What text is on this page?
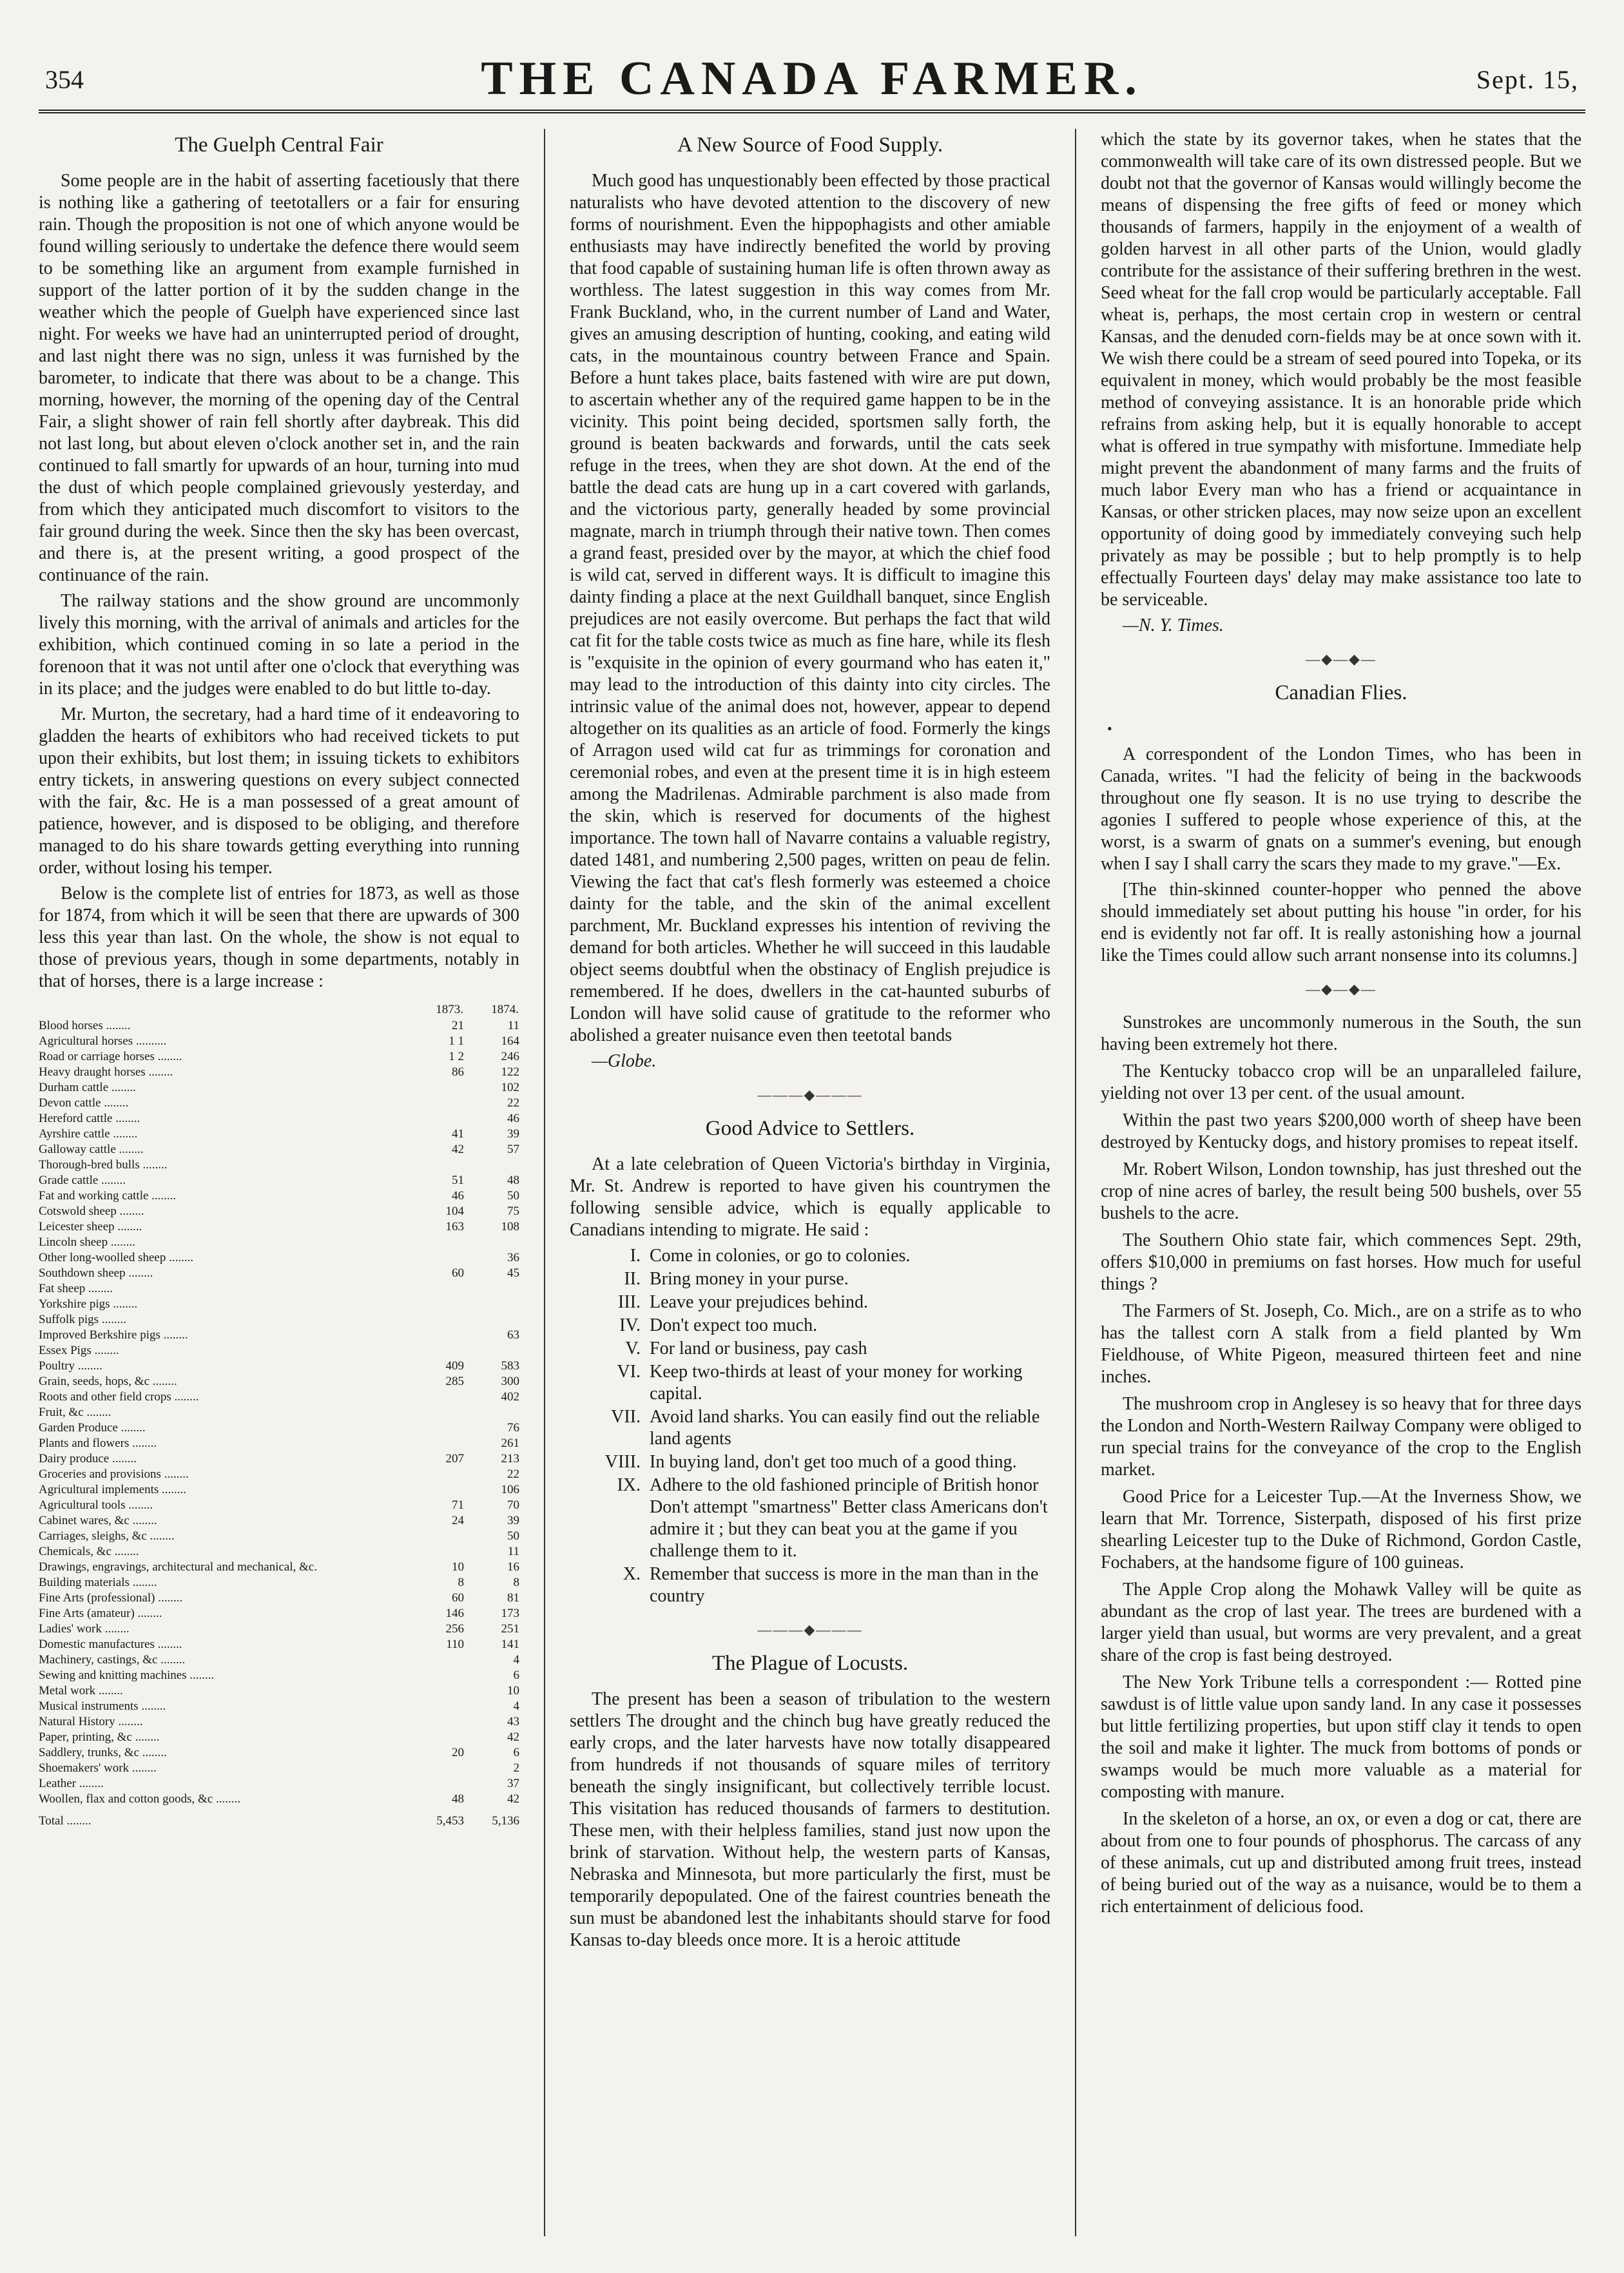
354	THE CANADA FARMER.	Sept. 15,
The Guelph Central Fair

Some people are in the habit of asserting facetiously that there is nothing like a gathering of teetotallers or a fair for ensuring rain. Though the proposition is not one of which anyone would be found willing seriously to undertake the defence there would seem to be something like an argument from example furnished in support of the latter portion of it by the sudden change in the weather which the people of Guelph have experienced since last night. For weeks we have had an uninterrupted period of drought, and last night there was no sign, unless it was furnished by the barometer, to indicate that there was about to be a change. This morning, however, the morning of the opening day of the Central Fair, a slight shower of rain fell shortly after daybreak. This did not last long, but about eleven o'clock another set in, and the rain continued to fall smartly for upwards of an hour, turning into mud the dust of which people complained grievously yesterday, and from which they anticipated much discomfort to visitors to the fair ground during the week. Since then the sky has been overcast, and there is, at the present writing, a good prospect of the continuance of the rain.

The railway stations and the show ground are uncommonly lively this morning, with the arrival of animals and articles for the exhibition, which continued coming in so late a period in the forenoon that it was not until after one o'clock that everything was in its place; and the judges were enabled to do but little to-day.

Mr. Murton, the secretary, had a hard time of it endeavoring to gladden the hearts of exhibitors who had received tickets to put upon their exhibits, but lost them; in issuing tickets to exhibitors entry tickets, in answering questions on every subject connected with the fair, &c. He is a man possessed of a great amount of patience, however, and is disposed to be obliging, and therefore managed to do his share towards getting everything into running order, without losing his temper.

Below is the complete list of entries for 1873, as well as those for 1874, from which it will be seen that there are upwards of 300 less this year than last. On the whole, the show is not equal to those of previous years, though in some departments, notably in that of horses, there is a large increase :

	1873.	1874.
Blood horses ........	21	11
Agricultural horses ..........	1 1	164
Road or carriage horses ........	1 2	246
Heavy draught horses ........	86	122
Durham cattle ........		102
Devon cattle ........		22
Hereford cattle ........		46
Ayrshire cattle ........	41	39
Galloway cattle ........	42	57
Thorough-bred bulls ........		
Grade cattle ........	51	48
Fat and working cattle ........	46	50
Cotswold sheep ........	104	75
Leicester sheep ........	163	108
Lincoln sheep ........		
Other long-woolled sheep ........		36
Southdown sheep ........	60	45
Fat sheep ........		
Yorkshire pigs ........		
Suffolk pigs ........		
Improved Berkshire pigs ........		63
Essex Pigs ........		
Poultry ........	409	583
Grain, seeds, hops, &c ........	285	300
Roots and other field crops ........		402
Fruit, &c ........		
Garden Produce ........		76
Plants and flowers ........		261
Dairy produce ........	207	213
Groceries and provisions ........		22
Agricultural implements ........		106
Agricultural tools ........	71	70
Cabinet wares, &c ........	24	39
Carriages, sleighs, &c ........		50
Chemicals, &c ........		11
Drawings, engravings, architectural and mechanical, &c.	10	16
Building materials ........	8	8
Fine Arts (professional) ........	60	81
Fine Arts (amateur) ........	146	173
Ladies' work ........	256	251
Domestic manufactures ........	110	141
Machinery, castings, &c ........		4
Sewing and knitting machines ........		6
Metal work ........		10
Musical instruments ........		4
Natural History ........		43
Paper, printing, &c ........		42
Saddlery, trunks, &c ........	20	6
Shoemakers' work ........		2
Leather ........		37
Woollen, flax and cotton goods, &c ........	48	42
Total ........	5,453	5,136
A New Source of Food Supply.

Much good has unquestionably been effected by those practical naturalists who have devoted attention to the discovery of new forms of nourishment. Even the hippophagists and other amiable enthusiasts may have indirectly benefited the world by proving that food capable of sustaining human life is often thrown away as worthless. The latest suggestion in this way comes from Mr. Frank Buckland, who, in the current number of Land and Water, gives an amusing description of hunting, cooking, and eating wild cats, in the mountainous country between France and Spain. Before a hunt takes place, baits fastened with wire are put down, to ascertain whether any of the required game happen to be in the vicinity. This point being decided, sportsmen sally forth, the ground is beaten backwards and forwards, until the cats seek refuge in the trees, when they are shot down. At the end of the battle the dead cats are hung up in a cart covered with garlands, and the victorious party, generally headed by some provincial magnate, march in triumph through their native town. Then comes a grand feast, presided over by the mayor, at which the chief food is wild cat, served in different ways. It is difficult to imagine this dainty finding a place at the next Guildhall banquet, since English prejudices are not easily overcome. But perhaps the fact that wild cat fit for the table costs twice as much as fine hare, while its flesh is "exquisite in the opinion of every gourmand who has eaten it," may lead to the introduction of this dainty into city circles. The intrinsic value of the animal does not, however, appear to depend altogether on its qualities as an article of food. Formerly the kings of Arragon used wild cat fur as trimmings for coronation and ceremonial robes, and even at the present time it is in high esteem among the Madrilenas. Admirable parchment is also made from the skin, which is reserved for documents of the highest importance. The town hall of Navarre contains a valuable registry, dated 1481, and numbering 2,500 pages, written on peau de felin. Viewing the fact that cat's flesh formerly was esteemed a choice dainty for the table, and the skin of the animal excellent parchment, Mr. Buckland expresses his intention of reviving the demand for both articles. Whether he will succeed in this laudable object seems doubtful when the obstinacy of English prejudice is remembered. If he does, dwellers in the cat-haunted suburbs of London will have solid cause of gratitude to the reformer who abolished a greater nuisance even then teetotal bands

—Globe.

———◆———
Good Advice to Settlers.

At a late celebration of Queen Victoria's birthday in Virginia, Mr. St. Andrew is reported to have given his countrymen the following sensible advice, which is equally applicable to Canadians intending to migrate. He said :

I. Come in colonies, or go to colonies.
II. Bring money in your purse.
III. Leave your prejudices behind.
IV. Don't expect too much.
V. For land or business, pay cash
VI. Keep two-thirds at least of your money for working capital.
VII. Avoid land sharks. You can easily find out the reliable land agents
VIII. In buying land, don't get too much of a good thing.
IX. Adhere to the old fashioned principle of British honor Don't attempt "smartness" Better class Americans don't admire it ; but they can beat you at the game if you challenge them to it.
X. Remember that success is more in the man than in the country
———◆———
The Plague of Locusts.

The present has been a season of tribulation to the western settlers The drought and the chinch bug have greatly reduced the early crops, and the later harvests have now totally disappeared from hundreds if not thousands of square miles of territory beneath the singly insignificant, but collectively terrible locust. This visitation has reduced thousands of farmers to destitution. These men, with their helpless families, stand just now upon the brink of starvation. Without help, the western parts of Kansas, Nebraska and Minnesota, but more particularly the first, must be temporarily depopulated. One of the fairest countries beneath the sun must be abandoned lest the inhabitants should starve for food Kansas to-day bleeds once more. It is a heroic attitude

which the state by its governor takes, when he states that the commonwealth will take care of its own distressed people. But we doubt not that the governor of Kansas would willingly become the means of dispensing the free gifts of feed or money which thousands of farmers, happily in the enjoyment of a wealth of golden harvest in all other parts of the Union, would gladly contribute for the assistance of their suffering brethren in the west. Seed wheat for the fall crop would be particularly acceptable. Fall wheat is, perhaps, the most certain crop in western or central Kansas, and the denuded corn-fields may be at once sown with it. We wish there could be a stream of seed poured into Topeka, or its equivalent in money, which would probably be the most feasible method of conveying assistance. It is an honorable pride which refrains from asking help, but it is equally honorable to accept what is offered in true sympathy with misfortune. Immediate help might prevent the abandonment of many farms and the fruits of much labor Every man who has a friend or acquaintance in Kansas, or other stricken places, may now seize upon an excellent opportunity of doing good by immediately conveying such help privately as may be possible ; but to help promptly is to help effectually Fourteen days' delay may make assistance too late to be serviceable.

—N. Y. Times.

—◆—◆—
Canadian Flies.
•

A correspondent of the London Times, who has been in Canada, writes. "I had the felicity of being in the backwoods throughout one fly season. It is no use trying to describe the agonies I suffered to people whose experience of this, at the worst, is a swarm of gnats on a summer's evening, but enough when I say I shall carry the scars they made to my grave."—Ex.

[The thin-skinned counter-hopper who penned the above should immediately set about putting his house "in order, for his end is evidently not far off. It is really astonishing how a journal like the Times could allow such arrant nonsense into its columns.]

—◆—◆—

Sunstrokes are uncommonly numerous in the South, the sun having been extremely hot there.

The Kentucky tobacco crop will be an unparalleled failure, yielding not over 13 per cent. of the usual amount.

Within the past two years $200,000 worth of sheep have been destroyed by Kentucky dogs, and history promises to repeat itself.

Mr. Robert Wilson, London township, has just threshed out the crop of nine acres of barley, the result being 500 bushels, over 55 bushels to the acre.

The Southern Ohio state fair, which commences Sept. 29th, offers $10,000 in premiums on fast horses. How much for useful things ?

The Farmers of St. Joseph, Co. Mich., are on a strife as to who has the tallest corn A stalk from a field planted by Wm Fieldhouse, of White Pigeon, measured thirteen feet and nine inches.

The mushroom crop in Anglesey is so heavy that for three days the London and North-Western Railway Company were obliged to run special trains for the conveyance of the crop to the English market.

Good Price for a Leicester Tup.—At the Inverness Show, we learn that Mr. Torrence, Sisterpath, disposed of his first prize shearling Leicester tup to the Duke of Richmond, Gordon Castle, Fochabers, at the handsome figure of 100 guineas.

The Apple Crop along the Mohawk Valley will be quite as abundant as the crop of last year. The trees are burdened with a larger yield than usual, but worms are very prevalent, and a great share of the crop is fast being destroyed.

The New York Tribune tells a correspondent :— Rotted pine sawdust is of little value upon sandy land. In any case it possesses but little fertilizing properties, but upon stiff clay it tends to open the soil and make it lighter. The muck from bottoms of ponds or swamps would be much more valuable as a material for composting with manure.

In the skeleton of a horse, an ox, or even a dog or cat, there are about from one to four pounds of phosphorus. The carcass of any of these animals, cut up and distributed among fruit trees, instead of being buried out of the way as a nuisance, would be to them a rich entertainment of delicious food.
